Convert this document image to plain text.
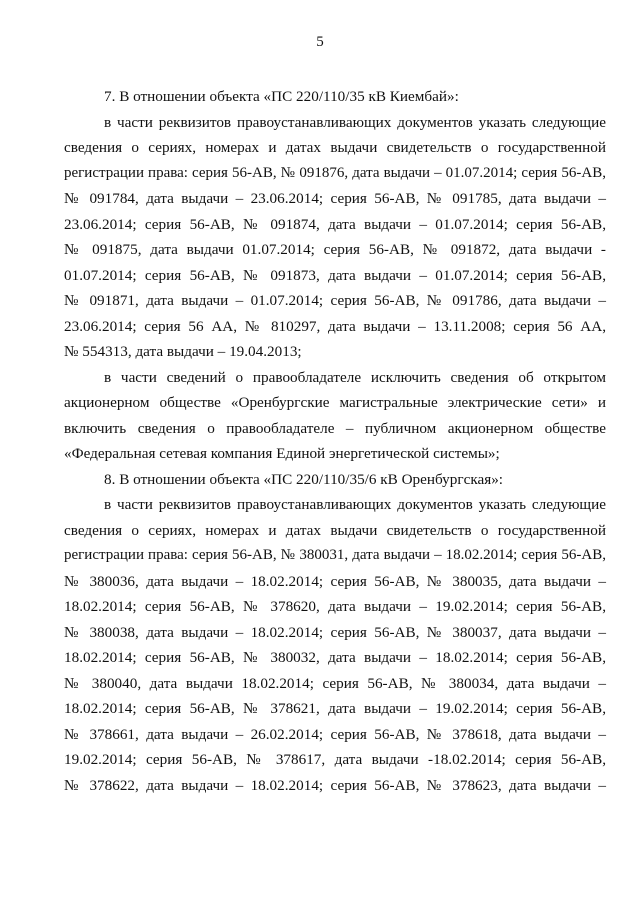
5
7. В отношении объекта «ПС 220/110/35 кВ Киембай»:
в части реквизитов правоустанавливающих документов указать следующие
сведения о сериях, номерах и датах выдачи свидетельств о государственной
регистрации права: серия 56-АВ, № 091876, дата выдачи – 01.07.2014; серия 56-АВ,
№ 091784, дата выдачи – 23.06.2014; серия 56-АВ, № 091785, дата выдачи –
23.06.2014; серия 56-АВ, № 091874, дата выдачи – 01.07.2014; серия 56-АВ,
№ 091875, дата выдачи 01.07.2014; серия 56-АВ, № 091872, дата выдачи -
01.07.2014; серия 56-АВ, № 091873, дата выдачи – 01.07.2014; серия 56-АВ,
№ 091871, дата выдачи – 01.07.2014; серия 56-АВ, № 091786, дата выдачи –
23.06.2014; серия 56 АА, № 810297, дата выдачи – 13.11.2008; серия 56 АА,
№ 554313, дата выдачи – 19.04.2013;
в части сведений о правообладателе исключить сведения об открытом
акционерном обществе «Оренбургские магистральные электрические сети» и
включить сведения о правообладателе – публичном акционерном обществе
«Федеральная сетевая компания Единой энергетической системы»;
8. В отношении объекта «ПС 220/110/35/6 кВ Оренбургская»:
в части реквизитов правоустанавливающих документов указать следующие
сведения о сериях, номерах и датах выдачи свидетельств о государственной
регистрации права: серия 56-АВ, № 380031, дата выдачи – 18.02.2014; серия 56-АВ,
№ 380036, дата выдачи – 18.02.2014; серия 56-АВ, № 380035, дата выдачи –
18.02.2014; серия 56-АВ, № 378620, дата выдачи – 19.02.2014; серия 56-АВ,
№ 380038, дата выдачи – 18.02.2014; серия 56-АВ, № 380037, дата выдачи –
18.02.2014; серия 56-АВ, № 380032, дата выдачи – 18.02.2014; серия 56-АВ,
№ 380040, дата выдачи 18.02.2014; серия 56-АВ, № 380034, дата выдачи –
18.02.2014; серия 56-АВ, № 378621, дата выдачи – 19.02.2014; серия 56-АВ,
№ 378661, дата выдачи – 26.02.2014; серия 56-АВ, № 378618, дата выдачи –
19.02.2014; серия 56-АВ, № 378617, дата выдачи -18.02.2014; серия 56-АВ,
№ 378622, дата выдачи – 18.02.2014; серия 56-АВ, № 378623, дата выдачи –
